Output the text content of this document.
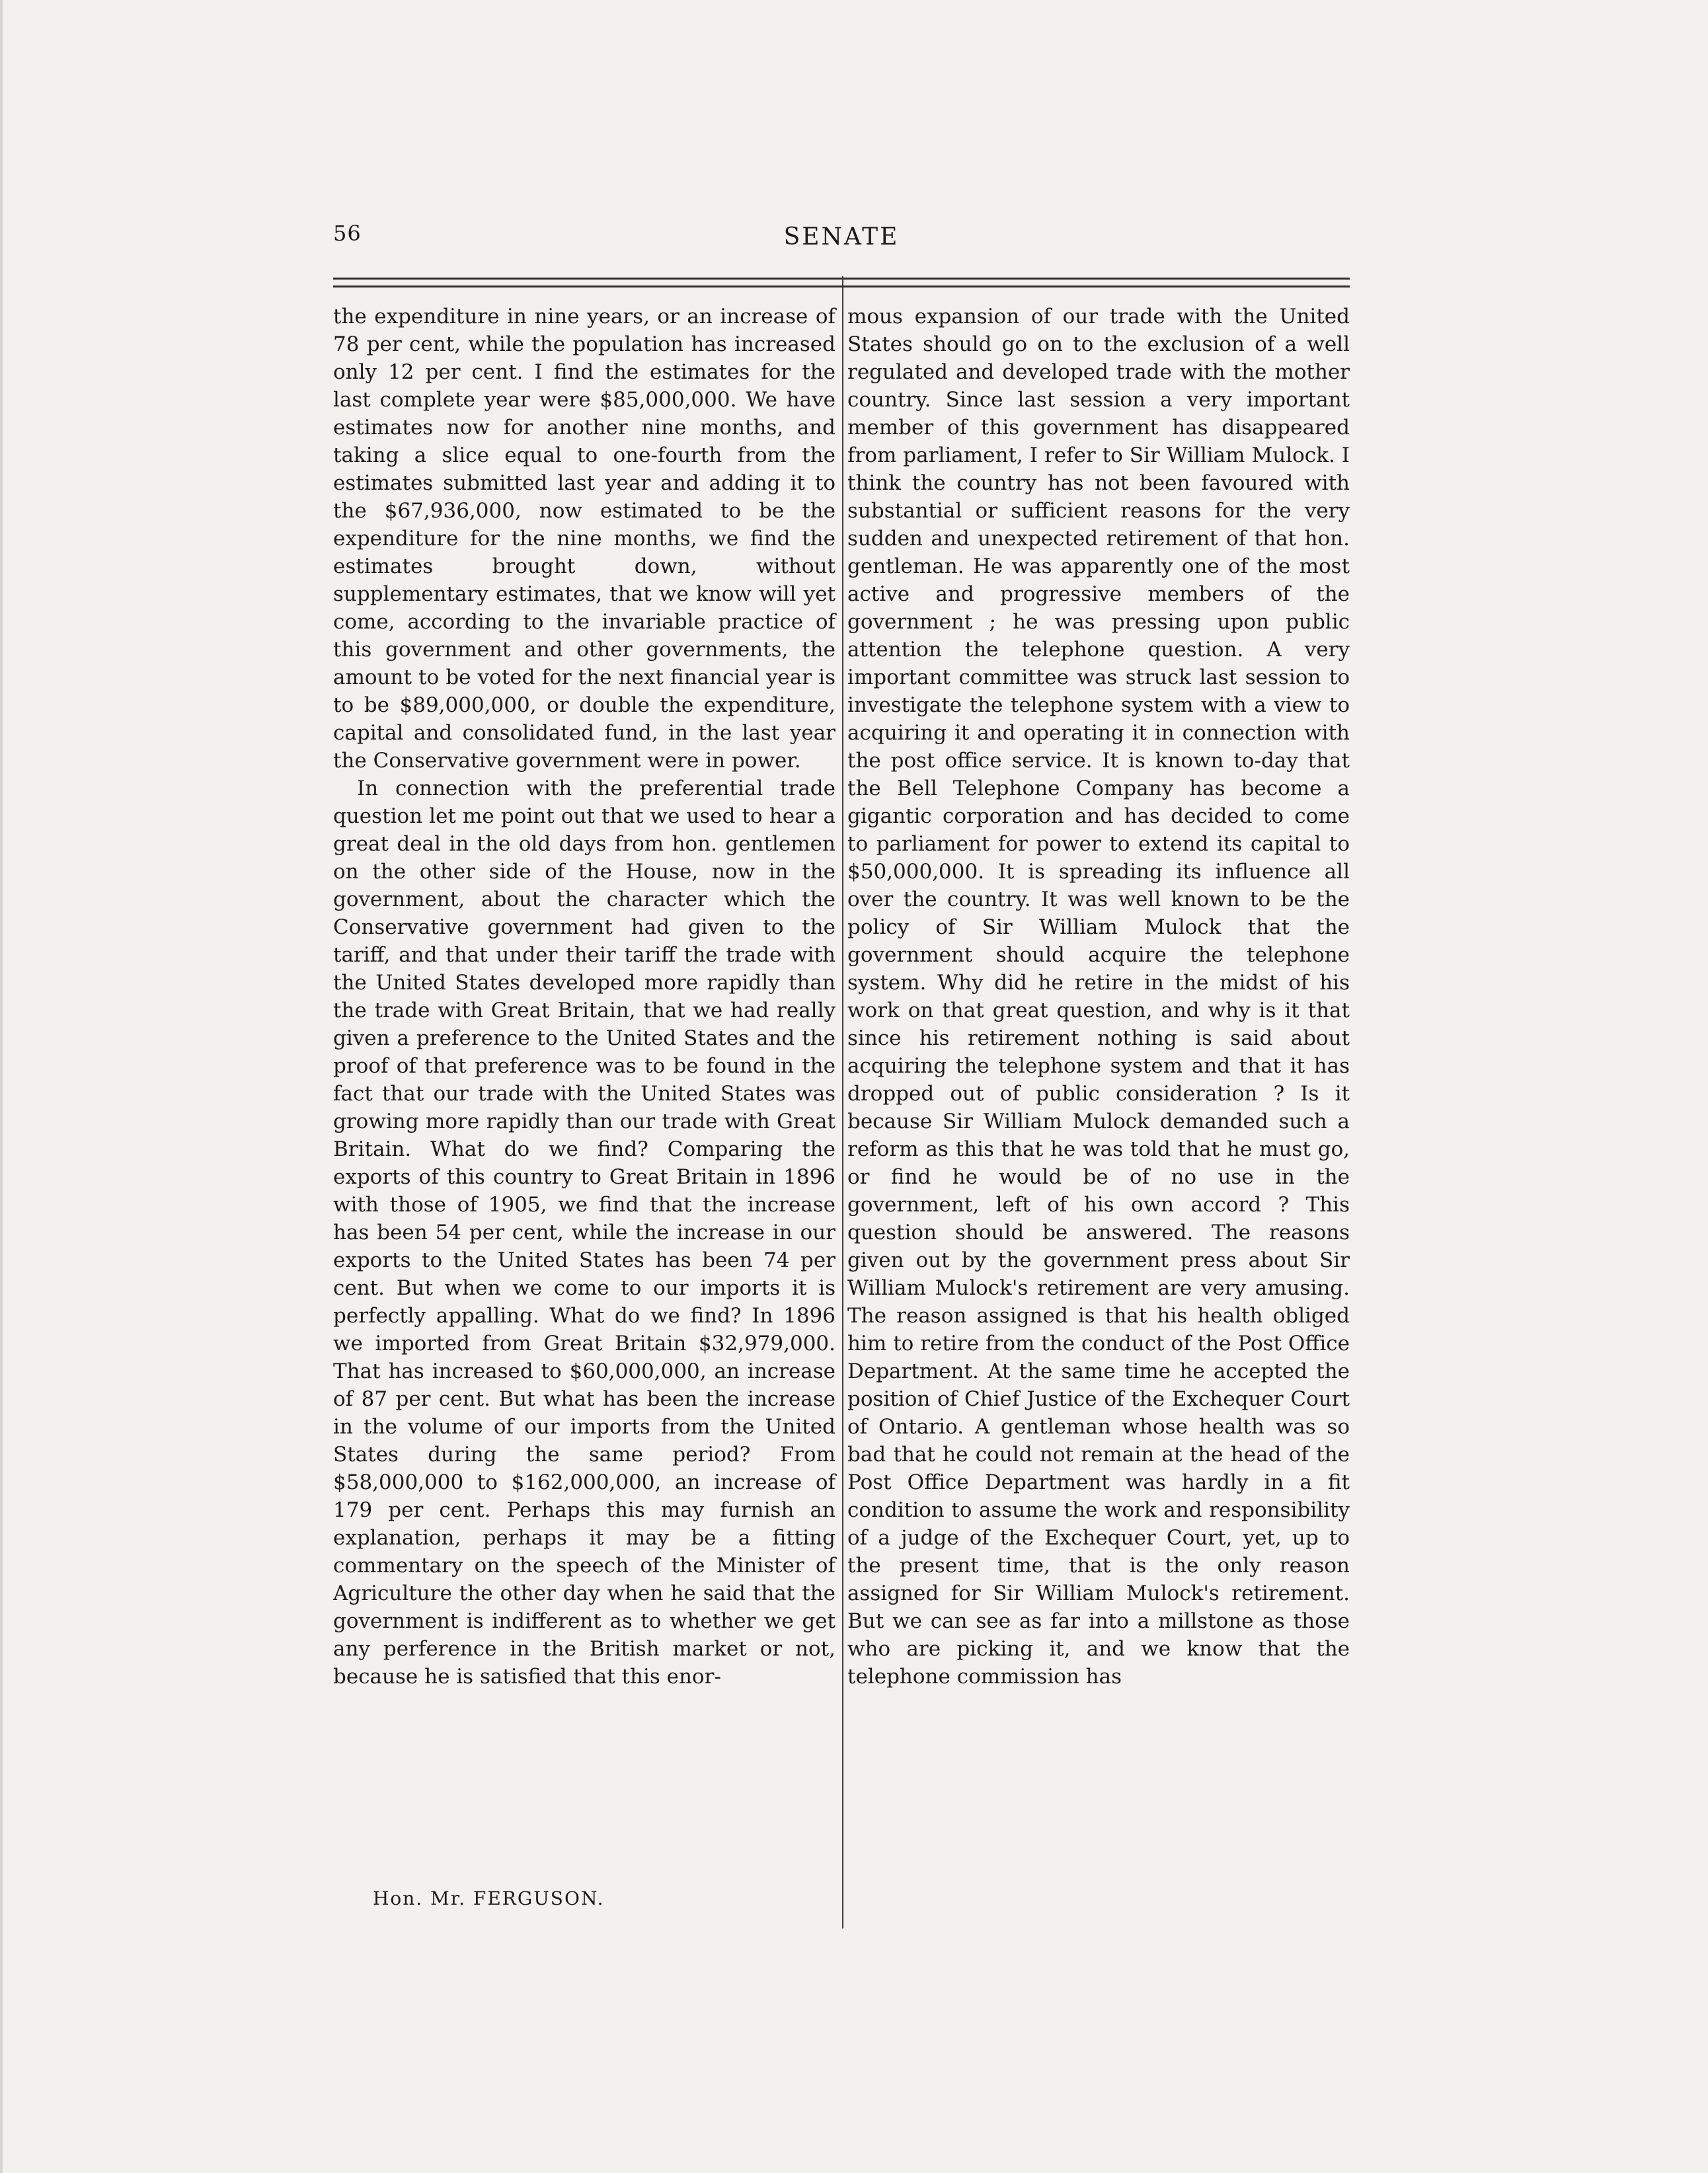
56	SENATE

the expenditure in nine years, or an increase of 78 per cent, while the population has increased only 12 per cent. I find the estimates for the last complete year were $85,000,000. We have estimates now for another nine months, and taking a slice equal to one-fourth from the estimates submitted last year and adding it to the $67,936,000, now estimated to be the expenditure for the nine months, we find the estimates brought down, without supplementary estimates, that we know will yet come, according to the invariable practice of this government and other governments, the amount to be voted for the next financial year is to be $89,000,000, or double the expenditure, capital and consolidated fund, in the last year the Conservative government were in power.

In connection with the preferential trade question let me point out that we used to hear a great deal in the old days from hon. gentlemen on the other side of the House, now in the government, about the character which the Conservative government had given to the tariff, and that under their tariff the trade with the United States developed more rapidly than the trade with Great Britain, that we had really given a preference to the United States and the proof of that preference was to be found in the fact that our trade with the United States was growing more rapidly than our trade with Great Britain. What do we find? Comparing the exports of this country to Great Britain in 1896 with those of 1905, we find that the increase has been 54 per cent, while the increase in our exports to the United States has been 74 per cent. But when we come to our imports it is perfectly appalling. What do we find? In 1896 we imported from Great Britain $32,979,000. That has increased to $60,000,000, an increase of 87 per cent. But what has been the increase in the volume of our imports from the United States during the same period? From $58,000,000 to $162,000,000, an increase of 179 per cent. Perhaps this may furnish an explanation, perhaps it may be a fitting commentary on the speech of the Minister of Agriculture the other day when he said that the government is indifferent as to whether we get any perference in the British market or not, because he is satisfied that this enor-

mous expansion of our trade with the United States should go on to the exclusion of a well regulated and developed trade with the mother country. Since last session a very important member of this government has disappeared from parliament, I refer to Sir William Mulock. I think the country has not been favoured with substantial or sufficient reasons for the very sudden and unexpected retirement of that hon. gentleman. He was apparently one of the most active and progressive members of the government ; he was pressing upon public attention the telephone question. A very important committee was struck last session to investigate the telephone system with a view to acquiring it and operating it in connection with the post office service. It is known to-day that the Bell Telephone Company has become a gigantic corporation and has decided to come to parliament for power to extend its capital to $50,000,000. It is spreading its influence all over the country. It was well known to be the policy of Sir William Mulock that the government should acquire the telephone system. Why did he retire in the midst of his work on that great question, and why is it that since his retirement nothing is said about acquiring the telephone system and that it has dropped out of public consideration ? Is it because Sir William Mulock demanded such a reform as this that he was told that he must go, or find he would be of no use in the government, left of his own accord ? This question should be answered. The reasons given out by the government press about Sir William Mulock's retirement are very amusing. The reason assigned is that his health obliged him to retire from the conduct of the Post Office Department. At the same time he accepted the position of Chief Justice of the Exchequer Court of Ontario. A gentleman whose health was so bad that he could not remain at the head of the Post Office Department was hardly in a fit condition to assume the work and responsibility of a judge of the Exchequer Court, yet, up to the present time, that is the only reason assigned for Sir William Mulock's retirement. But we can see as far into a millstone as those who are picking it, and we know that the telephone commission has

Hon. Mr. FERGUSON.
